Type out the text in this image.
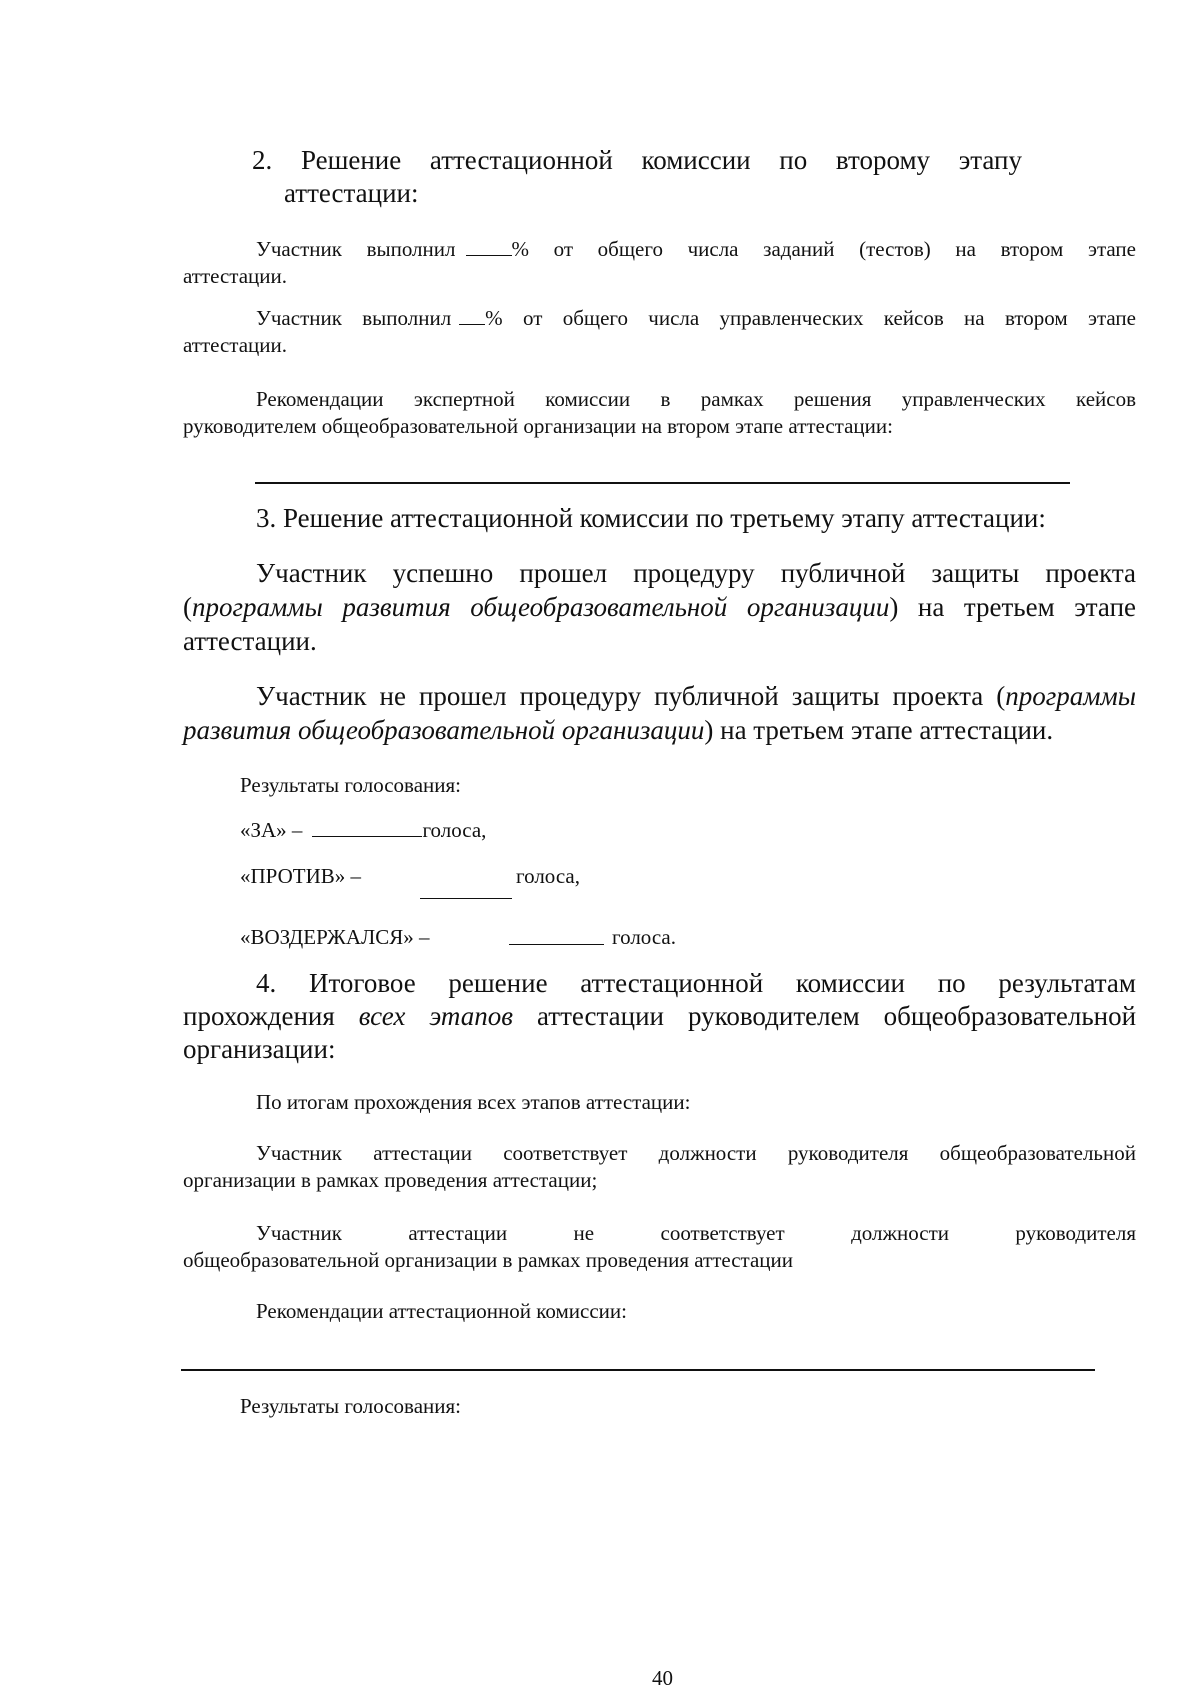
2. Решение аттестационной комиссии по второму этапу
аттестации:
Участник выполнил	% от общего числа заданий (тестов) на втором этапе
аттестации.
Участник выполнил % от общего числа управленческих кейсов на втором этапе
аттестации.
Рекомендации экспертной комиссии в рамках решения управленческих кейсов
руководителем общеобразовательной организации на втором этапе аттестации:
3. Решение аттестационной комиссии по третьему этапу аттестации:
Участник успешно прошел процедуру публичной защиты проекта
(программы развития общеобразовательной организации) на третьем этапе
аттестации.
Участник не прошел процедуру публичной защиты проекта (программы
развития общеобразовательной организации) на третьем этапе аттестации.
Результаты голосования:
«ЗА» –	голоса,
«ПРОТИВ» –	голоса,
«ВОЗДЕРЖАЛСЯ» –	голоса.
4. Итоговое решение аттестационной комиссии по результатам
прохождения всех этапов аттестации руководителем общеобразовательной
организации:
По итогам прохождения всех этапов аттестации:
Участник аттестации соответствует должности руководителя общеобразовательной
организации в рамках проведения аттестации;
Участник аттестации не соответствует должности руководителя
общеобразовательной организации в рамках проведения аттестации
Рекомендации аттестационной комиссии:
Результаты голосования:
40
